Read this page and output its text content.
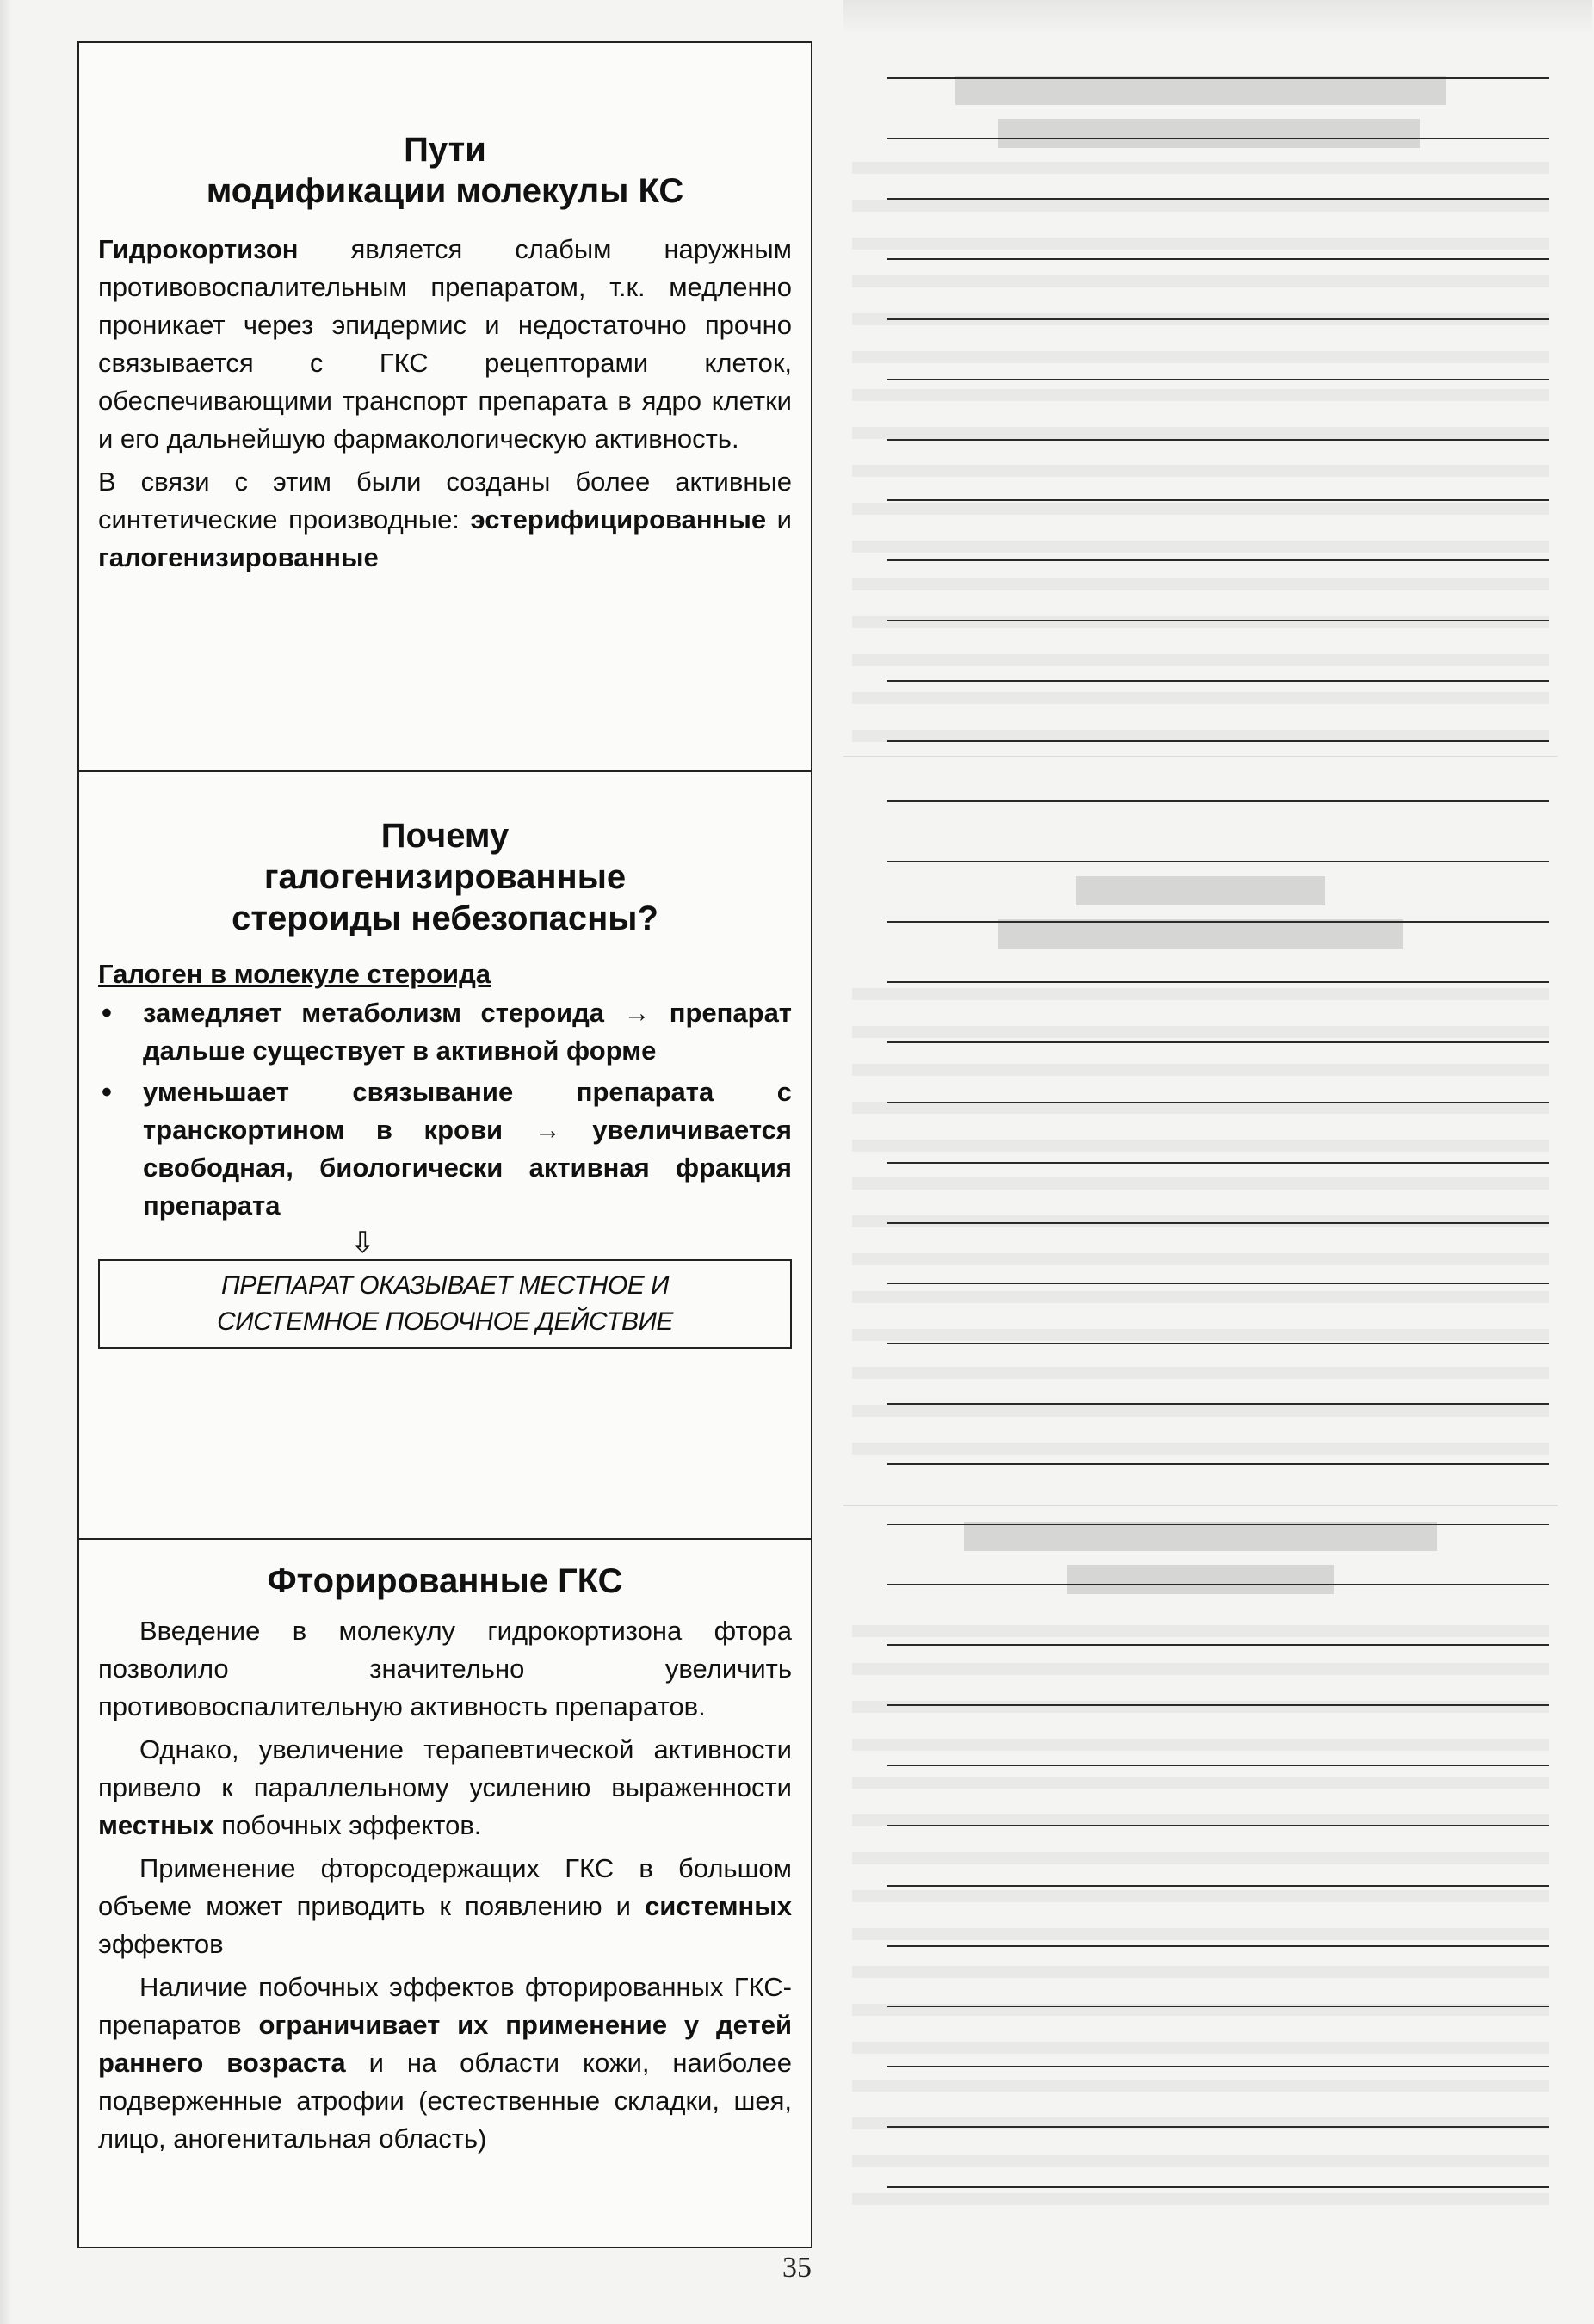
Пути
модификации молекулы КС

Гидрокортизон является слабым наружным противовоспалительным препаратом, т.к. медленно проникает через эпидермис и недостаточно прочно связывается с ГКС рецепторами клеток, обеспечивающими транспорт препарата в ядро клетки и его дальнейшую фармакологическую активность.

В связи с этим были созданы более активные синтетические производные: эстерифицированные и галогенизированные

Почему
галогенизированные
стероиды небезопасны?
Галоген в молекуле стероида
• замедляет метаболизм стероида → препарат дальше существует в активной форме
• уменьшает связывание препарата с транскортином в крови → увеличивается свободная, биологически активная фракция препарата
⇩
ПРЕПАРАТ ОКАЗЫВАЕТ МЕСТНОЕ И
СИСТЕМНОЕ ПОБОЧНОЕ ДЕЙСТВИЕ
Фторированные ГКС

Введение в молекулу гидрокортизона фтора позволило значительно увеличить противовоспалительную активность препаратов.

Однако, увеличение терапевтической активности привело к параллельному усилению выраженности местных побочных эффектов.

Применение фторсодержащих ГКС в большом объеме может приводить к появлению и системных эффектов

Наличие побочных эффектов фторированных ГКС-препаратов ограничивает их применение у детей раннего возраста и на области кожи, наиболее подверженные атрофии (естественные складки, шея, лицо, аногенитальная область)

35
